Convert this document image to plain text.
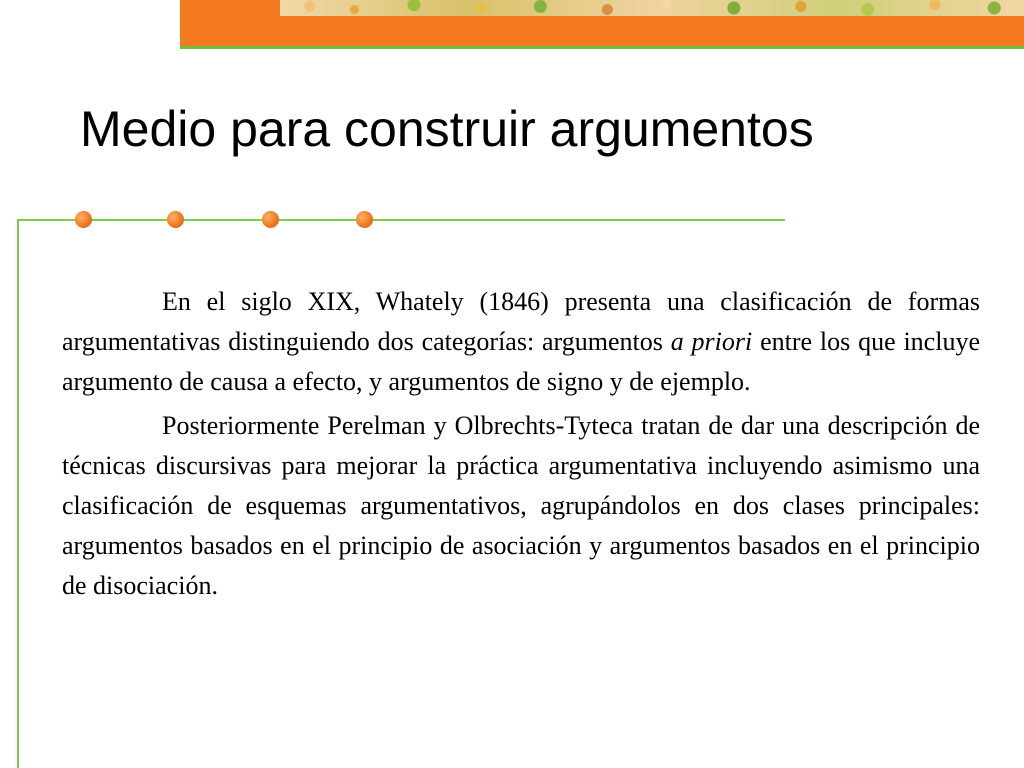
Medio para construir argumentos

En el siglo XIX, Whately (1846) presenta una clasificación de formas argumentativas distinguiendo dos categorías: argumentos a priori entre los que incluye argumento de causa a efecto, y argumentos de signo y de ejemplo.

Posteriormente Perelman y Olbrechts-Tyteca tratan de dar una descripción de técnicas discursivas para mejorar la práctica argumentativa incluyendo asimismo una clasificación de esquemas argumentativos, agrupándolos en dos clases principales: argumentos basados en el principio de asociación y argumentos basados en el principio de disociación.
